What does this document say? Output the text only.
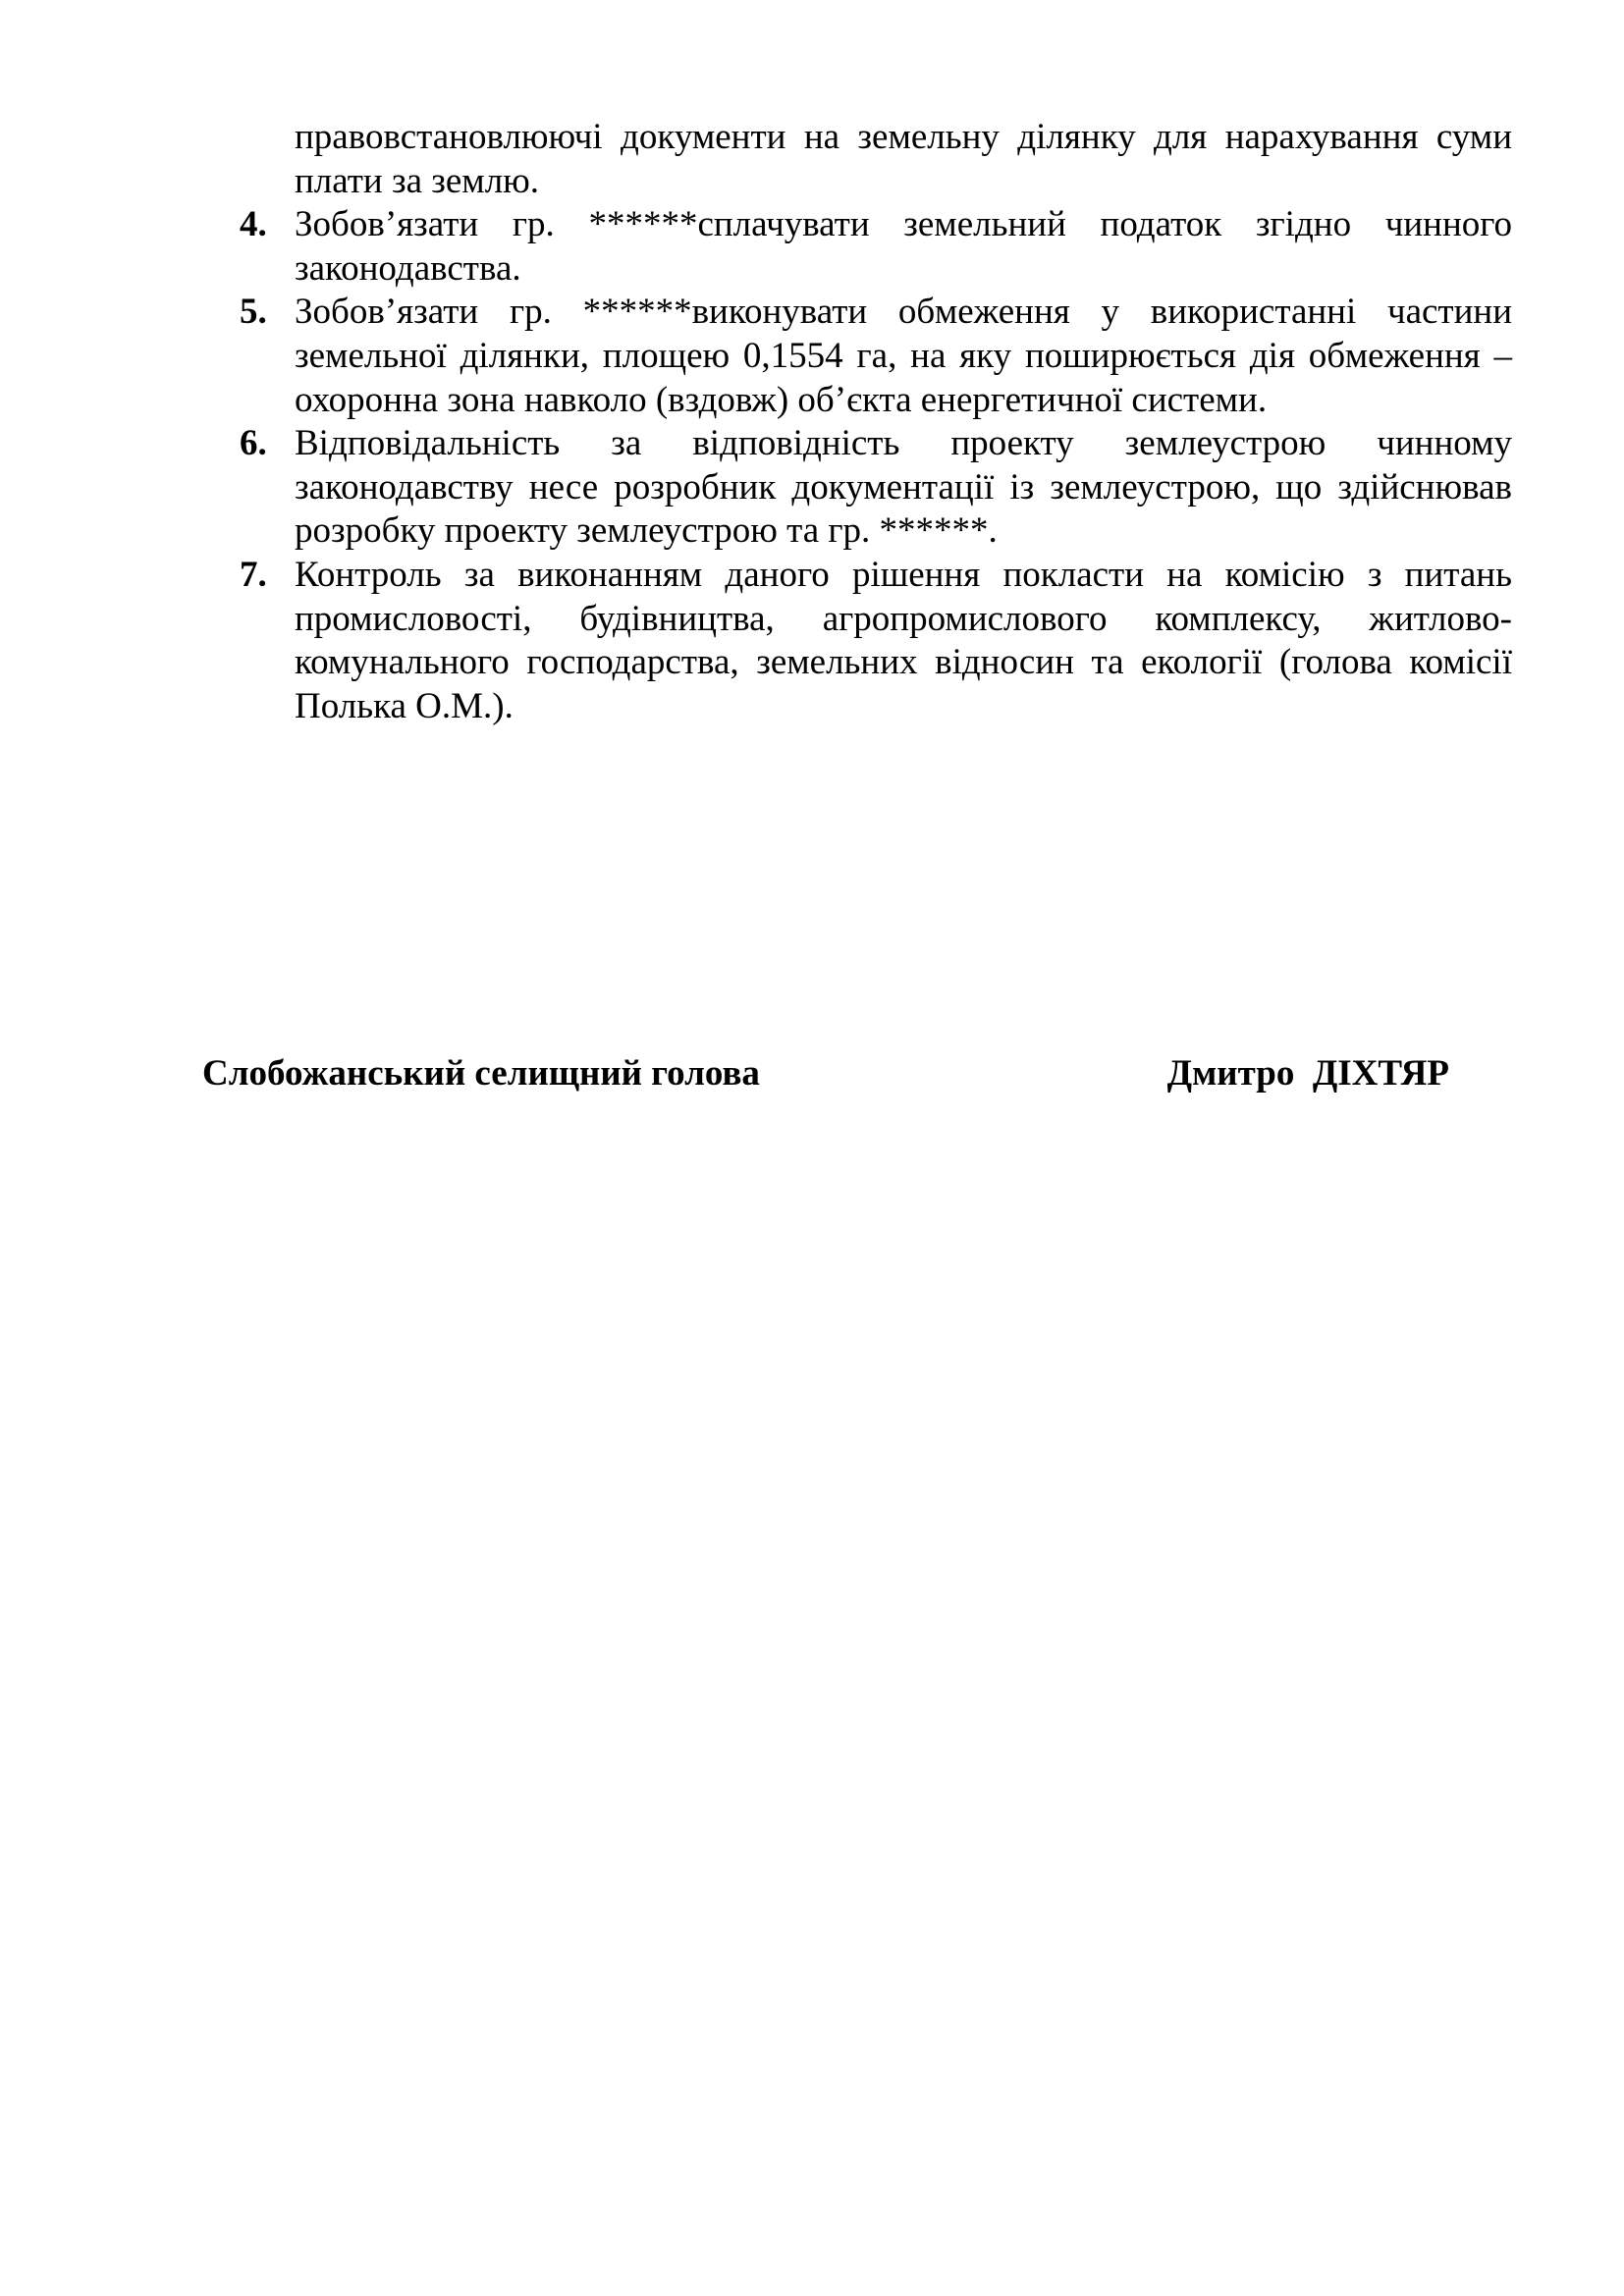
правовстановлюючі документи на земельну ділянку для нарахування суми плати за землю.
4. Зобов’язати гр. ******сплачувати земельний податок згідно чинного законодавства.
5. Зобов’язати гр. ******виконувати обмеження у використанні частини земельної ділянки, площею 0,1554 га, на яку поширюється дія обмеження – охоронна зона навколо (вздовж) об’єкта енергетичної системи.
6. Відповідальність за відповідність проекту землеустрою чинному законодавству несе розробник документації із землеустрою, що здійснював розробку проекту землеустрою та гр. ******.
7. Контроль за виконанням даного рішення покласти на комісію з питань промисловості, будівництва, агропромислового комплексу, житлово-комунального господарства, земельних відносин та екології (голова комісії Полька О.М.).
Слобожанський селищний голова	Дмитро  ДІХТЯР
